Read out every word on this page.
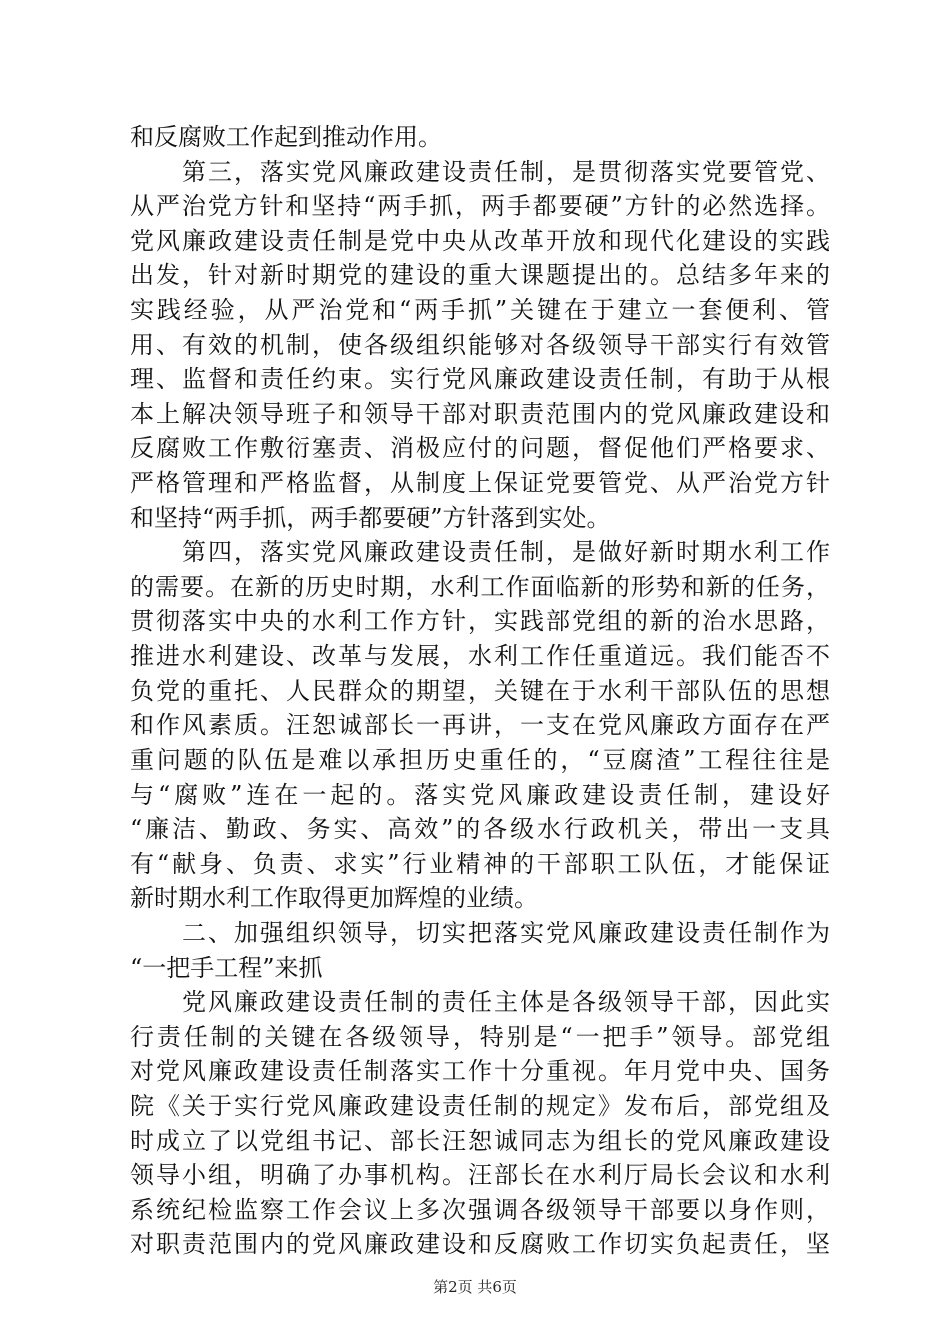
和反腐败工作起到推动作用。
第三，落实党风廉政建设责任制，是贯彻落实党要管党、
从严治党方针和坚持“两手抓，两手都要硬”方针的必然选择。
党风廉政建设责任制是党中央从改革开放和现代化建设的实践
出发，针对新时期党的建设的重大课题提出的。总结多年来的
实践经验，从严治党和“两手抓”关键在于建立一套便利、管
用、有效的机制，使各级组织能够对各级领导干部实行有效管
理、监督和责任约束。实行党风廉政建设责任制，有助于从根
本上解决领导班子和领导干部对职责范围内的党风廉政建设和
反腐败工作敷衍塞责、消极应付的问题，督促他们严格要求、
严格管理和严格监督，从制度上保证党要管党、从严治党方针
和坚持“两手抓，两手都要硬”方针落到实处。
第四，落实党风廉政建设责任制，是做好新时期水利工作
的需要。在新的历史时期，水利工作面临新的形势和新的任务，
贯彻落实中央的水利工作方针，实践部党组的新的治水思路，
推进水利建设、改革与发展，水利工作任重道远。我们能否不
负党的重托、人民群众的期望，关键在于水利干部队伍的思想
和作风素质。汪恕诚部长一再讲，一支在党风廉政方面存在严
重问题的队伍是难以承担历史重任的，“豆腐渣”工程往往是
与“腐败”连在一起的。落实党风廉政建设责任制，建设好
“廉洁、勤政、务实、高效”的各级水行政机关，带出一支具
有“献身、负责、求实”行业精神的干部职工队伍，才能保证
新时期水利工作取得更加辉煌的业绩。
二、加强组织领导，切实把落实党风廉政建设责任制作为
“一把手工程”来抓
党风廉政建设责任制的责任主体是各级领导干部，因此实
行责任制的关键在各级领导，特别是“一把手”领导。部党组
对党风廉政建设责任制落实工作十分重视。年月党中央、国务
院《关于实行党风廉政建设责任制的规定》发布后，部党组及
时成立了以党组书记、部长汪恕诚同志为组长的党风廉政建设
领导小组，明确了办事机构。汪部长在水利厅局长会议和水利
系统纪检监察工作会议上多次强调各级领导干部要以身作则，
对职责范围内的党风廉政建设和反腐败工作切实负起责任，坚
第2页 共6页
